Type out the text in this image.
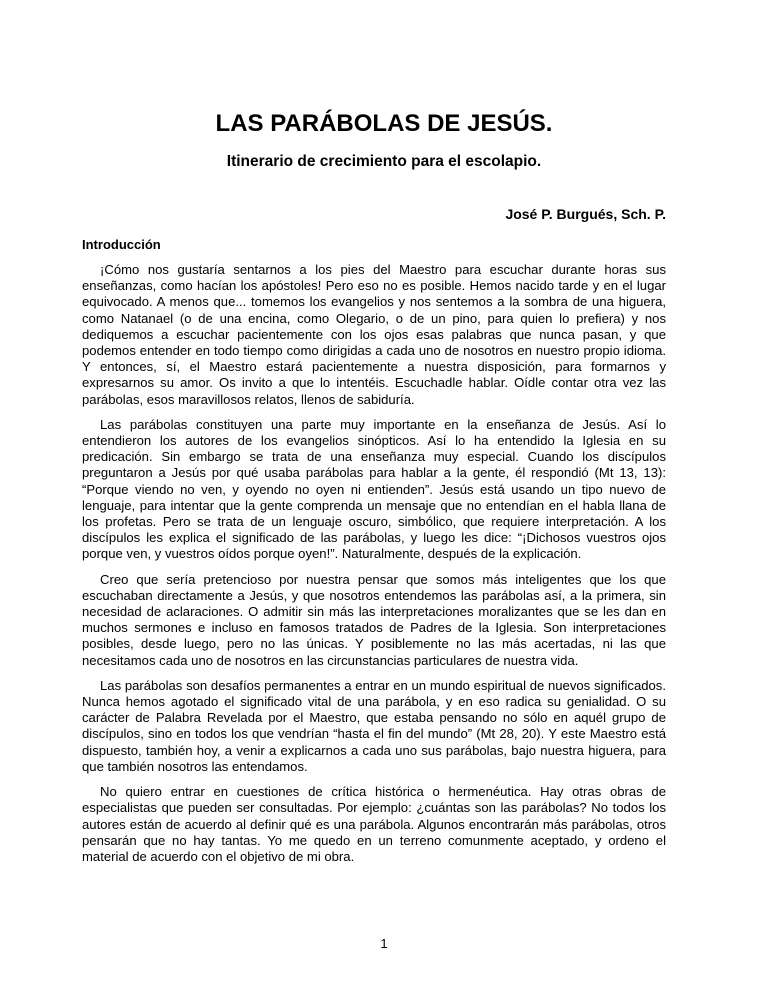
LAS PARÁBOLAS DE JESÚS.
Itinerario de crecimiento para el escolapio.

José P. Burgués, Sch. P.

Introducción

¡Cómo nos gustaría sentarnos a los pies del Maestro para escuchar durante horas sus enseñanzas, como hacían los apóstoles! Pero eso no es posible. Hemos nacido tarde y en el lugar equivocado. A menos que... tomemos los evangelios y nos sentemos a la sombra de una higuera, como Natanael (o de una encina, como Olegario, o de un pino, para quien lo prefiera) y nos dediquemos a escuchar pacientemente con los ojos esas palabras que nunca pasan, y que podemos entender en todo tiempo como dirigidas a cada uno de nosotros en nuestro propio idioma. Y entonces, sí, el Maestro estará pacientemente a nuestra disposición, para formarnos y expresarnos su amor. Os invito a que lo intentéis. Escuchadle hablar. Oídle contar otra vez las parábolas, esos maravillosos relatos, llenos de sabiduría.

Las parábolas constituyen una parte muy importante en la enseñanza de Jesús. Así lo entendieron los autores de los evangelios sinópticos. Así lo ha entendido la Iglesia en su predicación. Sin embargo se trata de una enseñanza muy especial. Cuando los discípulos preguntaron a Jesús por qué usaba parábolas para hablar a la gente, él respondió (Mt 13, 13): “Porque viendo no ven, y oyendo no oyen ni entienden”. Jesús está usando un tipo nuevo de lenguaje, para intentar que la gente comprenda un mensaje que no entendían en el habla llana de los profetas. Pero se trata de un lenguaje oscuro, simbólico, que requiere interpretación. A los discípulos les explica el significado de las parábolas, y luego les dice: “¡Dichosos vuestros ojos porque ven, y vuestros oídos porque oyen!”. Naturalmente, después de la explicación.

Creo que sería pretencioso por nuestra pensar que somos más inteligentes que los que escuchaban directamente a Jesús, y que nosotros entendemos las parábolas así, a la primera, sin necesidad de aclaraciones. O admitir sin más las interpretaciones moralizantes que se les dan en muchos sermones e incluso en famosos tratados de Padres de la Iglesia. Son interpretaciones posibles, desde luego, pero no las únicas. Y posiblemente no las más acertadas, ni las que necesitamos cada uno de nosotros en las circunstancias particulares de nuestra vida.

Las parábolas son desafíos permanentes a entrar en un mundo espiritual de nuevos significados. Nunca hemos agotado el significado vital de una parábola, y en eso radica su genialidad. O su carácter de Palabra Revelada por el Maestro, que estaba pensando no sólo en aquél grupo de discípulos, sino en todos los que vendrían “hasta el fin del mundo” (Mt 28, 20). Y este Maestro está dispuesto, también hoy, a venir a explicarnos a cada uno sus parábolas, bajo nuestra higuera, para que también nosotros las entendamos.

No quiero entrar en cuestiones de crítica histórica o hermenéutica. Hay otras obras de especialistas que pueden ser consultadas. Por ejemplo: ¿cuántas son las parábolas? No todos los autores están de acuerdo al definir qué es una parábola. Algunos encontrarán más parábolas, otros pensarán que no hay tantas. Yo me quedo en un terreno comunmente aceptado, y ordeno el material de acuerdo con el objetivo de mi obra.

1
